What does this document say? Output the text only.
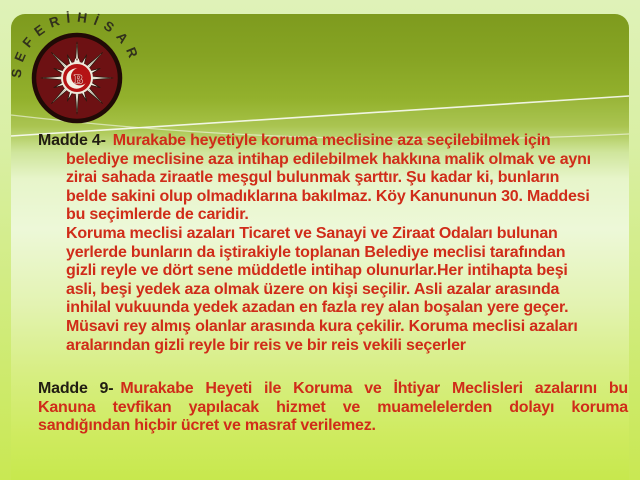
B
SEFERİHİSAR
Madde 4- Murakabe heyetiyle koruma meclisine aza seçilebilmek için
belediye meclisine aza intihap edilebilmek hakkına malik olmak ve aynı
zirai sahada ziraatle meşgul bulunmak şarttır. Şu kadar ki, bunların
belde sakini olup olmadıklarına bakılmaz. Köy Kanununun 30. Maddesi
bu seçimlerde de caridir.
Koruma meclisi azaları Ticaret ve Sanayi ve Ziraat Odaları bulunan
yerlerde bunların da iştirakiyle toplanan Belediye meclisi tarafından
gizli reyle ve dört sene müddetle intihap olunurlar.Her intihapta beşi
asli, beşi yedek aza olmak üzere on kişi seçilir. Asli azalar arasında
inhilal vukuunda yedek azadan en fazla rey alan boşalan yere geçer.
Müsavi rey almış olanlar arasında kura çekilir. Koruma meclisi azaları
aralarından gizli reyle bir reis ve bir reis vekili seçerler
Madde 9- Murakabe Heyeti ile Koruma ve İhtiyar Meclisleri azalarını bu
Kanuna tevfikan yapılacak hizmet ve muamelelerden dolayı koruma
sandığından hiçbir ücret ve masraf verilemez.
